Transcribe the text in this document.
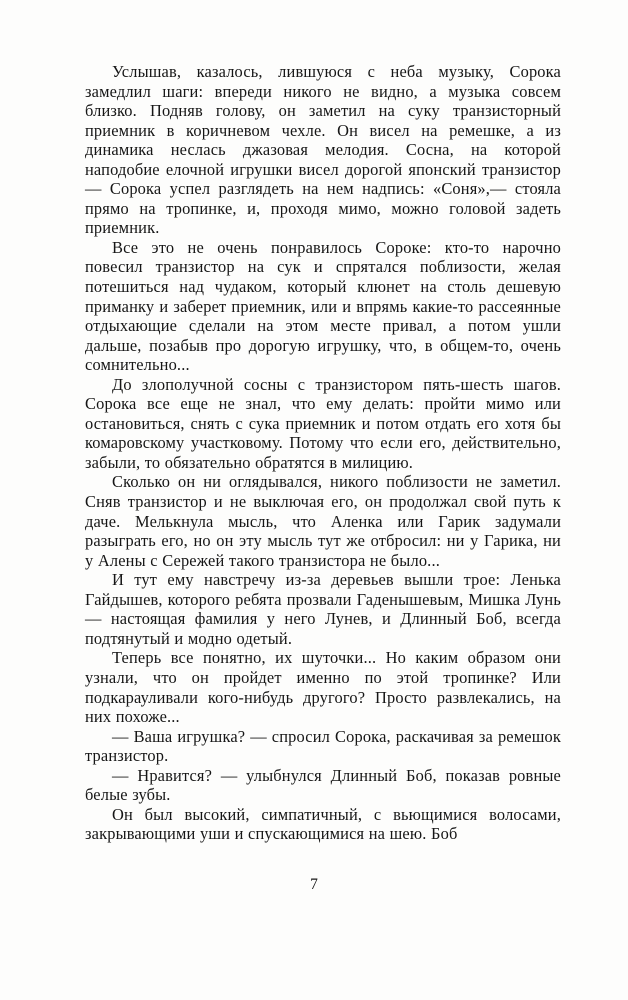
Услышав, казалось, лившуюся с неба музыку, Сорока замедлил шаги: впереди никого не видно, а музыка совсем близко. Подняв голову, он заметил на суку транзисторный приемник в коричневом чехле. Он висел на ремешке, а из динамика неслась джазовая мелодия. Сосна, на которой наподобие елочной игрушки висел дорогой японский транзистор — Сорока успел разглядеть на нем надпись: «Соня»,— стояла прямо на тропинке, и, проходя мимо, можно головой задеть приемник.

Все это не очень понравилось Сороке: кто-то нарочно повесил транзистор на сук и спрятался поблизости, желая потешиться над чудаком, который клюнет на столь дешевую приманку и заберет приемник, или и впрямь какие-то рассеянные отдыхающие сделали на этом месте привал, а потом ушли дальше, позабыв про дорогую игрушку, что, в общем-то, очень сомнительно...

До злополучной сосны с транзистором пять-шесть шагов. Сорока все еще не знал, что ему делать: пройти мимо или остановиться, снять с сука приемник и потом отдать его хотя бы комаровскому участковому. Потому что если его, действительно, забыли, то обязательно обратятся в милицию.

Сколько он ни оглядывался, никого поблизости не заметил. Сняв транзистор и не выключая его, он продолжал свой путь к даче. Мелькнула мысль, что Аленка или Гарик задумали разыграть его, но он эту мысль тут же отбросил: ни у Гарика, ни у Алены с Сережей такого транзистора не было...

И тут ему навстречу из-за деревьев вышли трое: Ленька Гайдышев, которого ребята прозвали Гаденышевым, Мишка Лунь — настоящая фамилия у него Лунев, и Длинный Боб, всегда подтянутый и модно одетый.

Теперь все понятно, их шуточки... Но каким образом они узнали, что он пройдет именно по этой тропинке? Или подкарауливали кого-нибудь другого? Просто развлекались, на них похоже...

— Ваша игрушка? — спросил Сорока, раскачивая за ремешок транзистор.

— Нравится? — улыбнулся Длинный Боб, показав ровные белые зубы.

Он был высокий, симпатичный, с вьющимися волосами, закрывающими уши и спускающимися на шею. Боб

7
